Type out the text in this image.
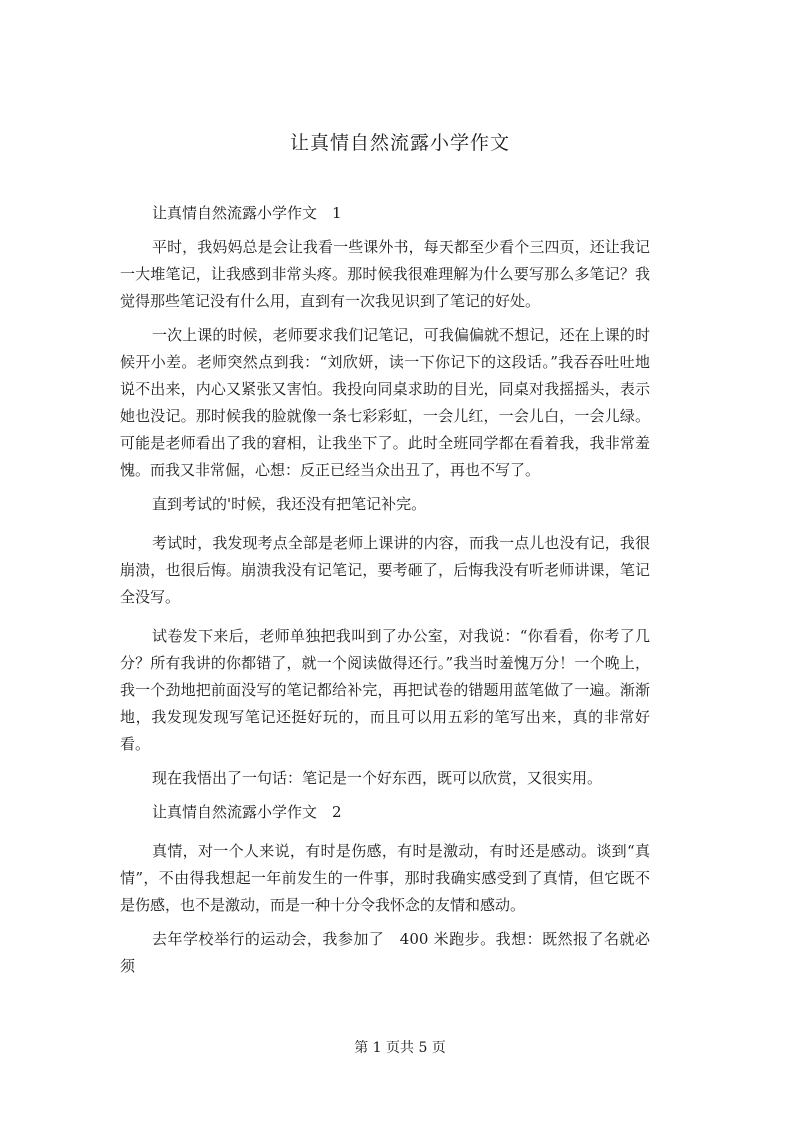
让真情自然流露小学作文

让真情自然流露小学作文　1

平时，我妈妈总是会让我看一些课外书，每天都至少看个三四页，还让我记一大堆笔记，让我感到非常头疼。那时候我很难理解为什么要写那么多笔记？我觉得那些笔记没有什么用，直到有一次我见识到了笔记的好处。

一次上课的时候，老师要求我们记笔记，可我偏偏就不想记，还在上课的时候开小差。老师突然点到我：“刘欣妍，读一下你记下的这段话。”我吞吞吐吐地说不出来，内心又紧张又害怕。我投向同桌求助的目光，同桌对我摇摇头，表示她也没记。那时候我的脸就像一条七彩彩虹，一会儿红，一会儿白，一会儿绿。 可能是老师看出了我的窘相，让我坐下了。此时全班同学都在看着我，我非常羞愧。而我又非常倔，心想：反正已经当众出丑了，再也不写了。

直到考试的'时候，我还没有把笔记补完。

考试时，我发现考点全部是老师上课讲的内容，而我一点儿也没有记，我很崩溃，也很后悔。崩溃我没有记笔记，要考砸了，后悔我没有听老师讲课，笔记全没写。

试卷发下来后，老师单独把我叫到了办公室，对我说：“你看看，你考了几分？所有我讲的你都错了，就一个阅读做得还行。”我当时羞愧万分！一个晚上，我一个劲地把前面没写的笔记都给补完，再把试卷的错题用蓝笔做了一遍。渐渐地，我发现发现写笔记还挺好玩的，而且可以用五彩的笔写出来，真的非常好看。

现在我悟出了一句话：笔记是一个好东西，既可以欣赏，又很实用。

让真情自然流露小学作文　2

真情，对一个人来说，有时是伤感，有时是激动，有时还是感动。谈到“真情”，不由得我想起一年前发生的一件事，那时我确实感受到了真情，但它既不是伤感，也不是激动，而是一种十分令我怀念的友情和感动。

去年学校举行的运动会，我参加了　400 米跑步。我想：既然报了名就必须

第 1 页共 5 页
